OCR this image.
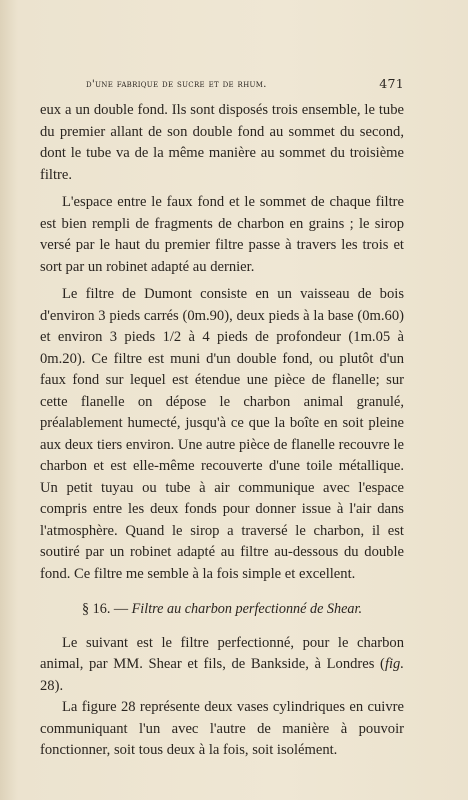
d'une fabrique de sucre et de rhum.	471

eux a un double fond. Ils sont disposés trois ensemble, le tube du premier allant de son double fond au sommet du second, dont le tube va de la même manière au sommet du troisième filtre.

L'espace entre le faux fond et le sommet de chaque filtre est bien rempli de fragments de charbon en grains ; le sirop versé par le haut du premier filtre passe à travers les trois et sort par un robinet adapté au dernier.

Le filtre de Dumont consiste en un vaisseau de bois d'environ 3 pieds carrés (0m.90), deux pieds à la base (0m.60) et environ 3 pieds 1/2 à 4 pieds de profondeur (1m.05 à 0m.20). Ce filtre est muni d'un double fond, ou plutôt d'un faux fond sur lequel est étendue une pièce de flanelle; sur cette flanelle on dépose le charbon animal granulé, préalablement humecté, jusqu'à ce que la boîte en soit pleine aux deux tiers environ. Une autre pièce de flanelle recouvre le charbon et est elle-même recouverte d'une toile métallique. Un petit tuyau ou tube à air communique avec l'espace compris entre les deux fonds pour donner issue à l'air dans l'atmosphère. Quand le sirop a traversé le charbon, il est soutiré par un robinet adapté au filtre au-dessous du double fond. Ce filtre me semble à la fois simple et excellent.

§ 16. — Filtre au charbon perfectionné de Shear.

Le suivant est le filtre perfectionné, pour le charbon animal, par MM. Shear et fils, de Bankside, à Londres (fig. 28).

La figure 28 représente deux vases cylindriques en cuivre communiquant l'un avec l'autre de manière à pouvoir fonctionner, soit tous deux à la fois, soit isolément.
